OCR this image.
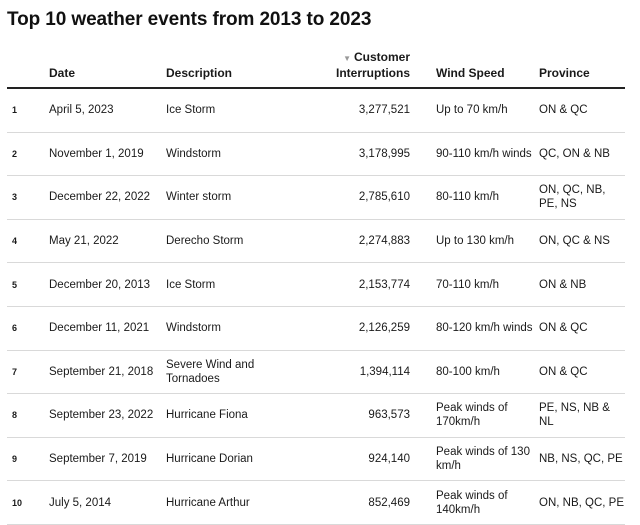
Top 10 weather events from 2013 to 2023
	Date	Description	▼ Customer
Interruptions	Wind Speed	Province
1	April 5, 2023	Ice Storm	3,277,521	Up to 70 km/h	ON & QC
2	November 1, 2019	Windstorm	3,178,995	90-110 km/h winds	QC, ON & NB
3	December 22, 2022	Winter storm	2,785,610	80-110 km/h	ON, QC, NB, PE, NS
4	May 21, 2022	Derecho Storm	2,274,883	Up to 130 km/h	ON, QC & NS
5	December 20, 2013	Ice Storm	2,153,774	70-110 km/h	ON & NB
6	December 11, 2021	Windstorm	2,126,259	80-120 km/h winds	ON & QC
7	September 21, 2018	Severe Wind and Tornadoes	1,394,114	80-100 km/h	ON & QC
8	September 23, 2022	Hurricane Fiona	963,573	Peak winds of 170km/h	PE, NS, NB & NL
9	September 7, 2019	Hurricane Dorian	924,140	Peak winds of 130 km/h	NB, NS, QC, PE
10	July 5, 2014	Hurricane Arthur	852,469	Peak winds of 140km/h	ON, NB, QC, PE
